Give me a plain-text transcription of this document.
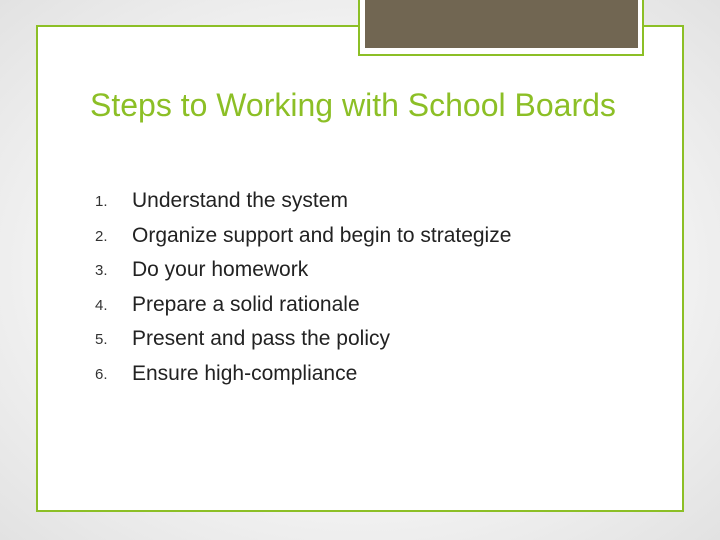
Steps to Working with School Boards
1. Understand the system
2. Organize support and begin to strategize
3. Do your homework
4. Prepare a solid rationale
5. Present and pass the policy
6. Ensure high-compliance
